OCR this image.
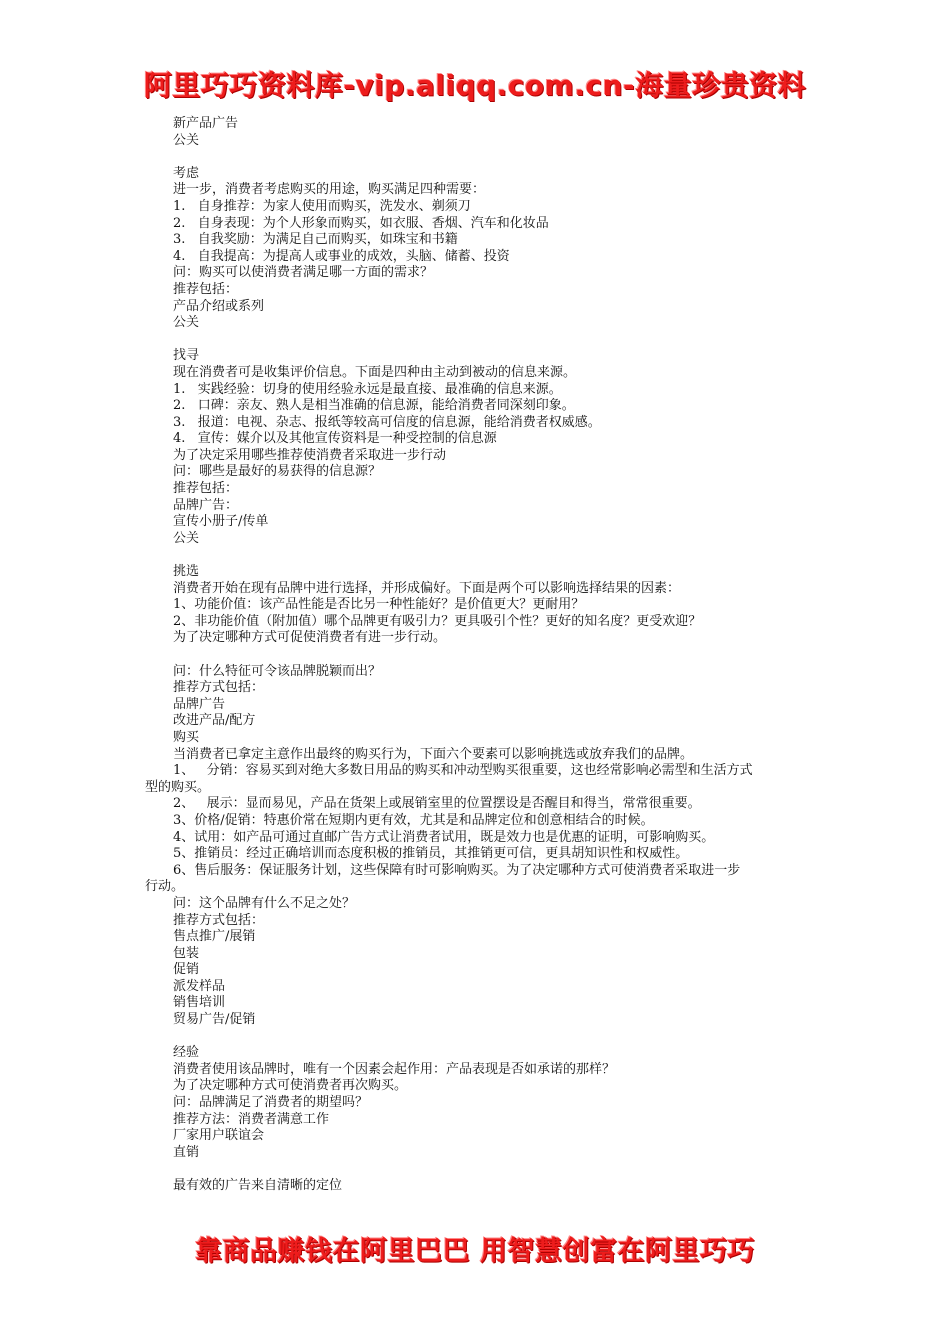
阿里巧巧资料库-vip.aliqq.com.cn-海量珍贵资料
新产品广告
公关
考虑
进一步，消费者考虑购买的用途，购买满足四种需要：
1.   自身推荐：为家人使用而购买，洗发水、剃须刀
2.   自身表现：为个人形象而购买，如衣服、香烟、汽车和化妆品
3.   自我奖励：为满足自己而购买，如珠宝和书籍
4.   自我提高：为提高人或事业的成效，头脑、储蓄、投资
问：购买可以使消费者满足哪一方面的需求？
推荐包括：
产品介绍或系列
公关
找寻
现在消费者可是收集评价信息。下面是四种由主动到被动的信息来源。
1.   实践经验：切身的使用经验永远是最直接、最准确的信息来源。
2.   口碑：亲友、熟人是相当准确的信息源，能给消费者同深刻印象。
3.   报道：电视、杂志、报纸等较高可信度的信息源，能给消费者权威感。
4.   宣传：媒介以及其他宣传资料是一种受控制的信息源
为了决定采用哪些推荐使消费者采取进一步行动
问：哪些是最好的易获得的信息源？
推荐包括：
品牌广告：
宣传小册子/传单
公关
挑选
消费者开始在现有品牌中进行选择，并形成偏好。下面是两个可以影响选择结果的因素：
1、功能价值：该产品性能是否比另一种性能好？是价值更大？更耐用？
2、非功能价值（附加值）哪个品牌更有吸引力？更具吸引个性？更好的知名度？更受欢迎？
为了决定哪种方式可促使消费者有进一步行动。
问：什么特征可令该品牌脱颖而出？
推荐方式包括：
品牌广告
改进产品/配方
购买
当消费者已拿定主意作出最终的购买行为，下面六个要素可以影响挑选或放弃我们的品牌。
1、   分销：容易买到对绝大多数日用品的购买和冲动型购买很重要，这也经常影响必需型和生活方式
型的购买。
2、   展示：显而易见，产品在货架上或展销室里的位置摆设是否醒目和得当，常常很重要。
3、价格/促销：特惠价常在短期内更有效，尤其是和品牌定位和创意相结合的时候。
4、试用：如产品可通过直邮广告方式让消费者试用，既是效力也是优惠的证明，可影响购买。
5、推销员：经过正确培训而态度积极的推销员，其推销更可信，更具胡知识性和权威性。
6、售后服务：保证服务计划，这些保障有时可影响购买。为了决定哪种方式可使消费者采取进一步
行动。
问：这个品牌有什么不足之处？
推荐方式包括：
售点推广/展销
包装
促销
派发样品
销售培训
贸易广告/促销
经验
消费者使用该品牌时，唯有一个因素会起作用：产品表现是否如承诺的那样？
为了决定哪种方式可使消费者再次购买。
问：品牌满足了消费者的期望吗？
推荐方法：消费者满意工作
厂家用户联谊会
直销
最有效的广告来自清晰的定位
靠商品赚钱在阿里巴巴 用智慧创富在阿里巧巧
